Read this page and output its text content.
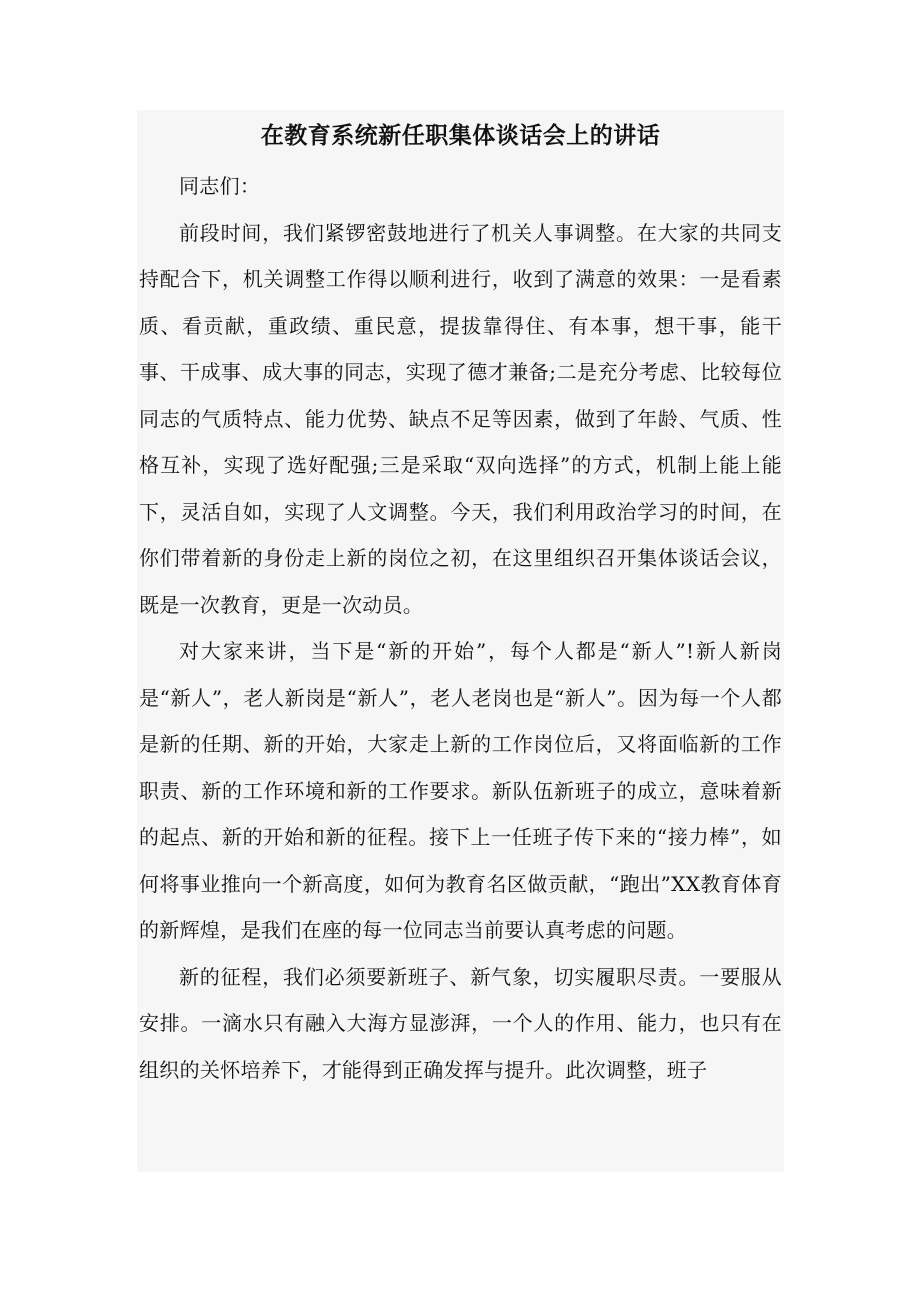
在教育系统新任职集体谈话会上的讲话

同志们：

前段时间，我们紧锣密鼓地进行了机关人事调整。在大家的共同支持配合下，机关调整工作得以顺利进行，收到了满意的效果：一是看素质、看贡献，重政绩、重民意，提拔靠得住、有本事，想干事，能干事、干成事、成大事的同志，实现了德才兼备;二是充分考虑、比较每位同志的气质特点、能力优势、缺点不足等因素，做到了年龄、气质、性格互补，实现了选好配强;三是采取“双向选择”的方式，机制上能上能下，灵活自如，实现了人文调整。今天，我们利用政治学习的时间，在你们带着新的身份走上新的岗位之初，在这里组织召开集体谈话会议，既是一次教育，更是一次动员。

对大家来讲，当下是“新的开始”，每个人都是“新人”!新人新岗是“新人”，老人新岗是“新人”，老人老岗也是“新人”。因为每一个人都是新的任期、新的开始，大家走上新的工作岗位后，又将面临新的工作职责、新的工作环境和新的工作要求。新队伍新班子的成立，意味着新的起点、新的开始和新的征程。接下上一任班子传下来的“接力棒”，如何将事业推向一个新高度，如何为教育名区做贡献，“跑出”XX教育体育的新辉煌，是我们在座的每一位同志当前要认真考虑的问题。

新的征程，我们必须要新班子、新气象，切实履职尽责。一要服从安排。一滴水只有融入大海方显澎湃，一个人的作用、能力，也只有在组织的关怀培养下，才能得到正确发挥与提升。此次调整，班子
